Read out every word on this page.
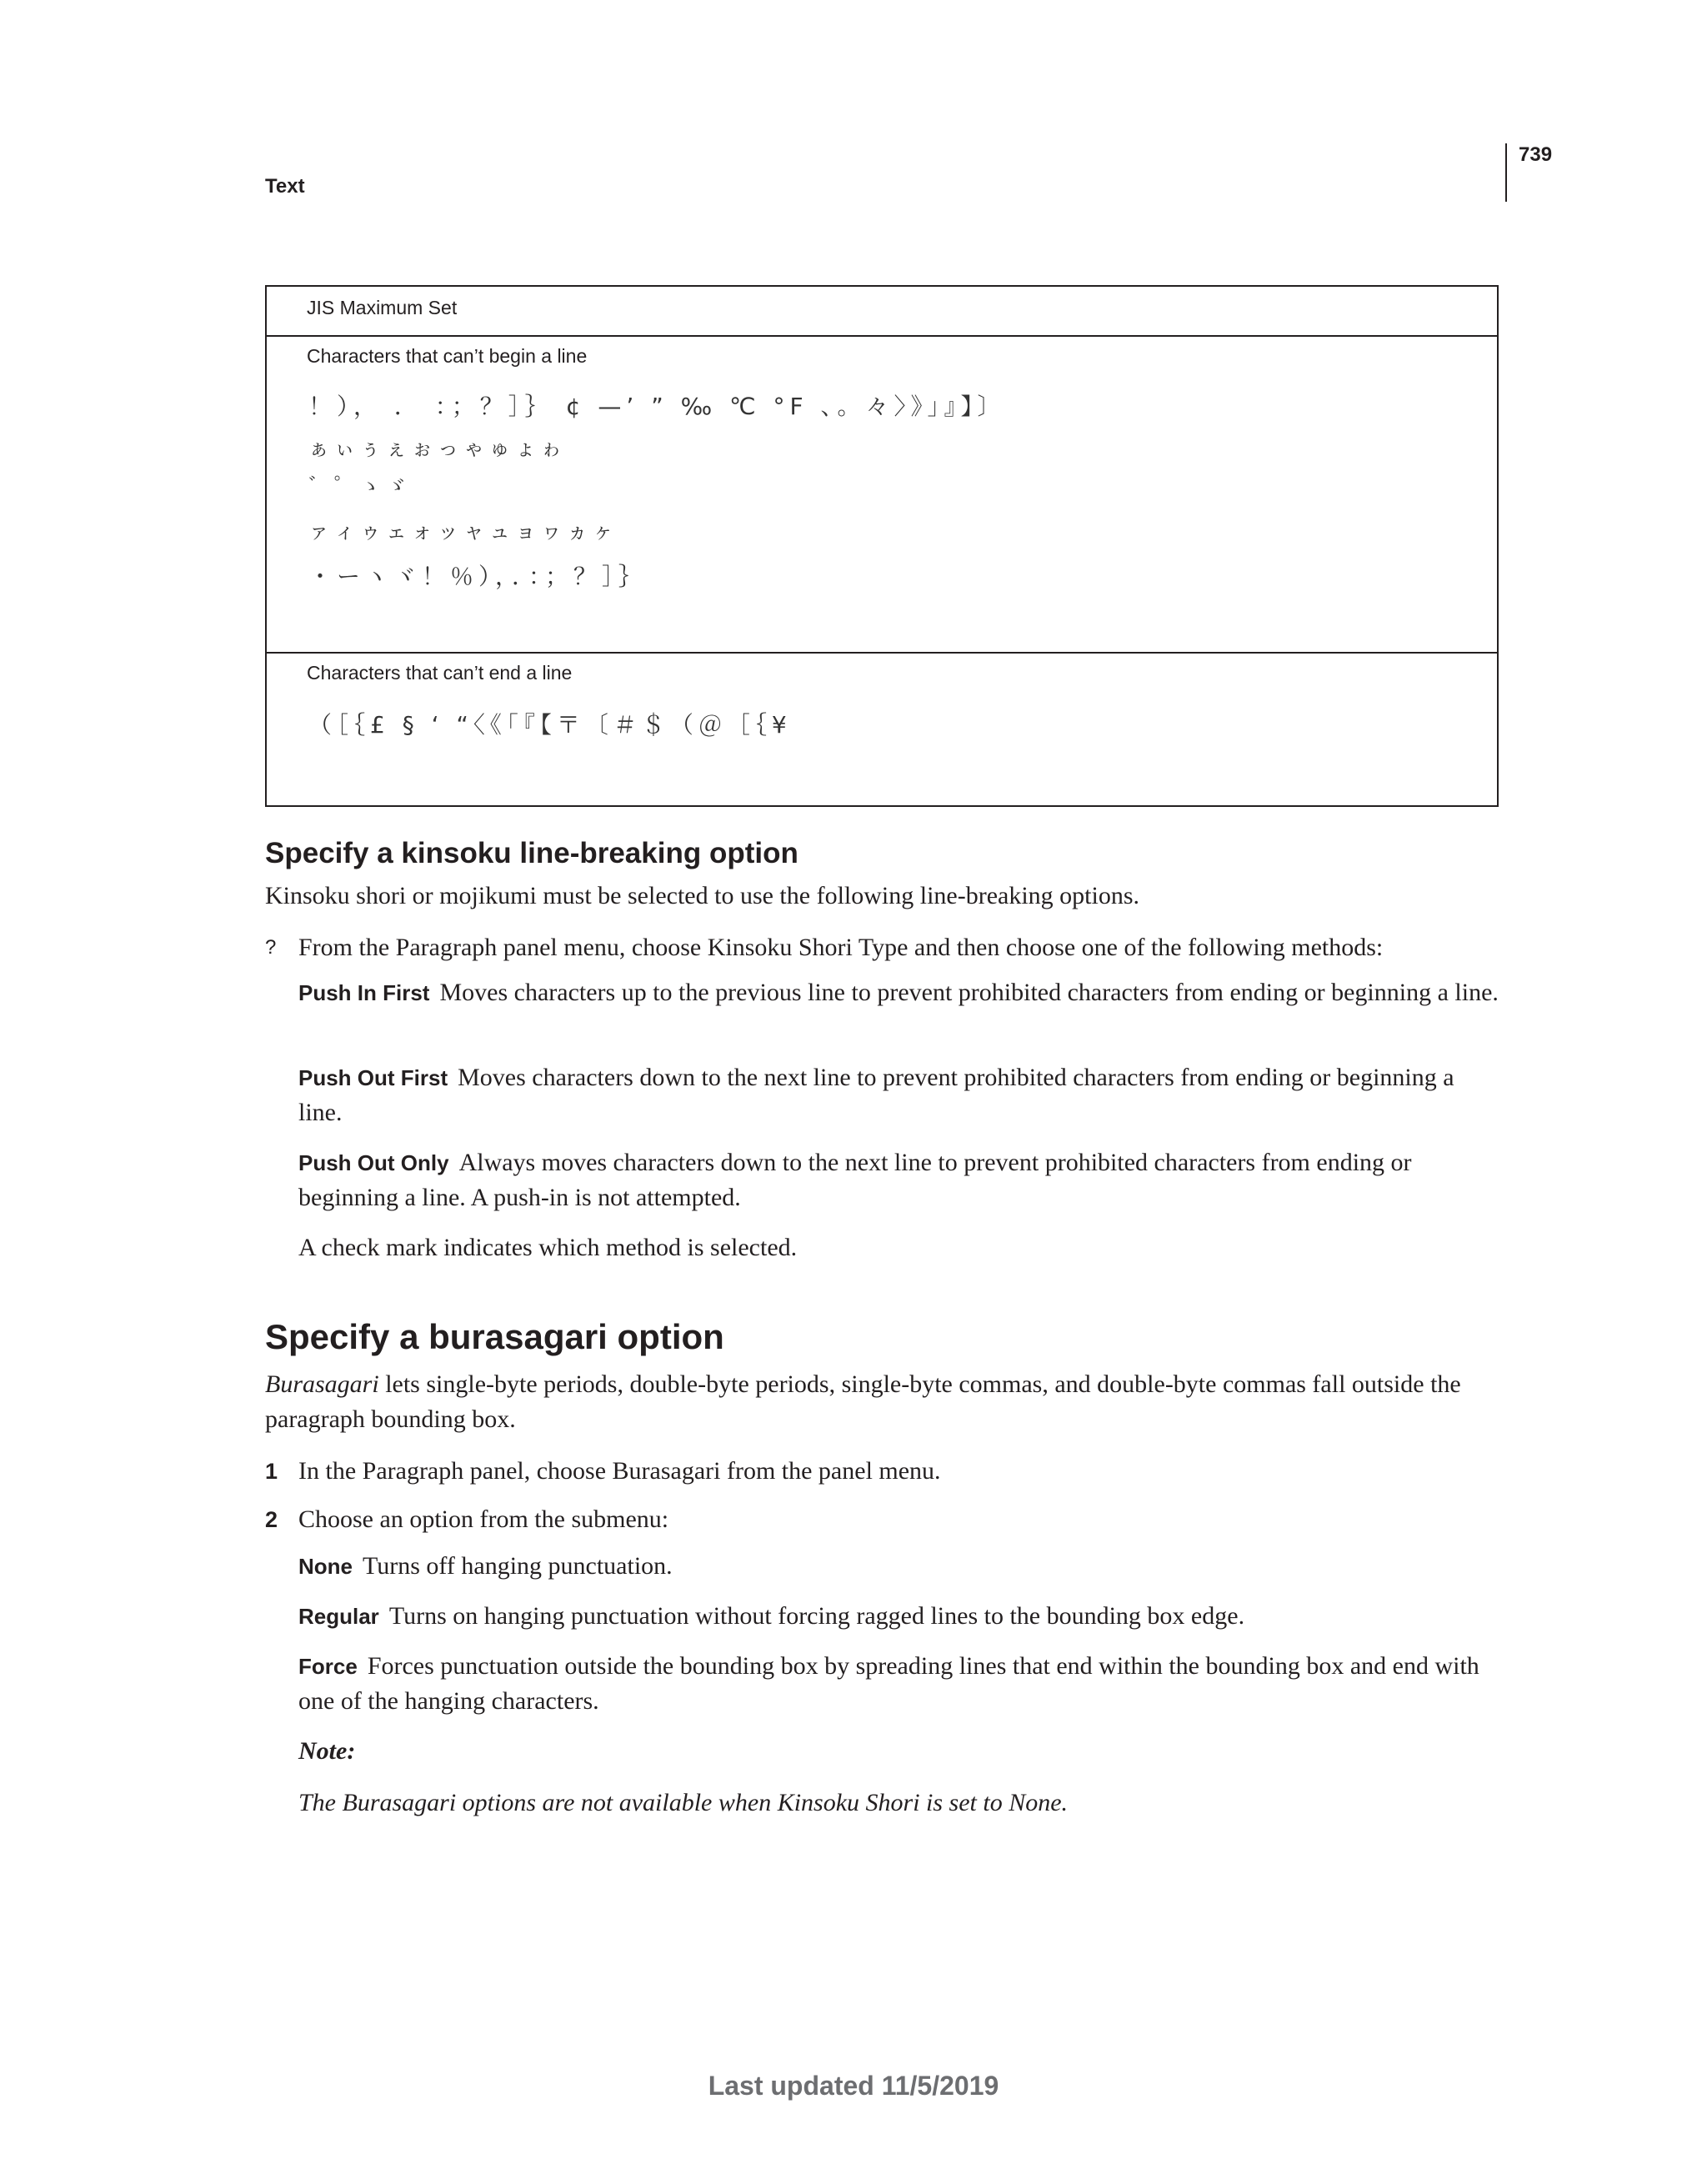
739
Text
JIS Maximum Set
Characters that can’t begin a line
！）， ． ：；？］｝ ¢ —’ ” ‰ ℃ °F 、。々〉》」』】〕
ぁぃぅぇぉっゃゅょゎ
゛゜ゝゞ
ァィゥェォッャュョヮヵヶ
・ーヽヾ！％），．：；？］｝
Characters that can’t end a line
（［｛£ § ‘ “〈《「『【〒〔＃＄（＠［｛¥
Specify a kinsoku line-breaking option

Kinsoku shori or mojikumi must be selected to use the following line-breaking options.

? From the Paragraph panel menu, choose Kinsoku Shori Type and then choose one of the following methods:

Push In First Moves characters up to the previous line to prevent prohibited characters from ending or beginning a line.

Push Out First Moves characters down to the next line to prevent prohibited characters from ending or beginning a line.

Push Out Only Always moves characters down to the next line to prevent prohibited characters from ending or beginning a line. A push-in is not attempted.

A check mark indicates which method is selected.

Specify a burasagari option

Burasagari lets single-byte periods, double-byte periods, single-byte commas, and double-byte commas fall outside the paragraph bounding box.

1 In the Paragraph panel, choose Burasagari from the panel menu.

2 Choose an option from the submenu:

None Turns off hanging punctuation.

Regular Turns on hanging punctuation without forcing ragged lines to the bounding box edge.

Force Forces punctuation outside the bounding box by spreading lines that end within the bounding box and end with one of the hanging characters.

Note:

The Burasagari options are not available when Kinsoku Shori is set to None.

Last updated 11/5/2019
